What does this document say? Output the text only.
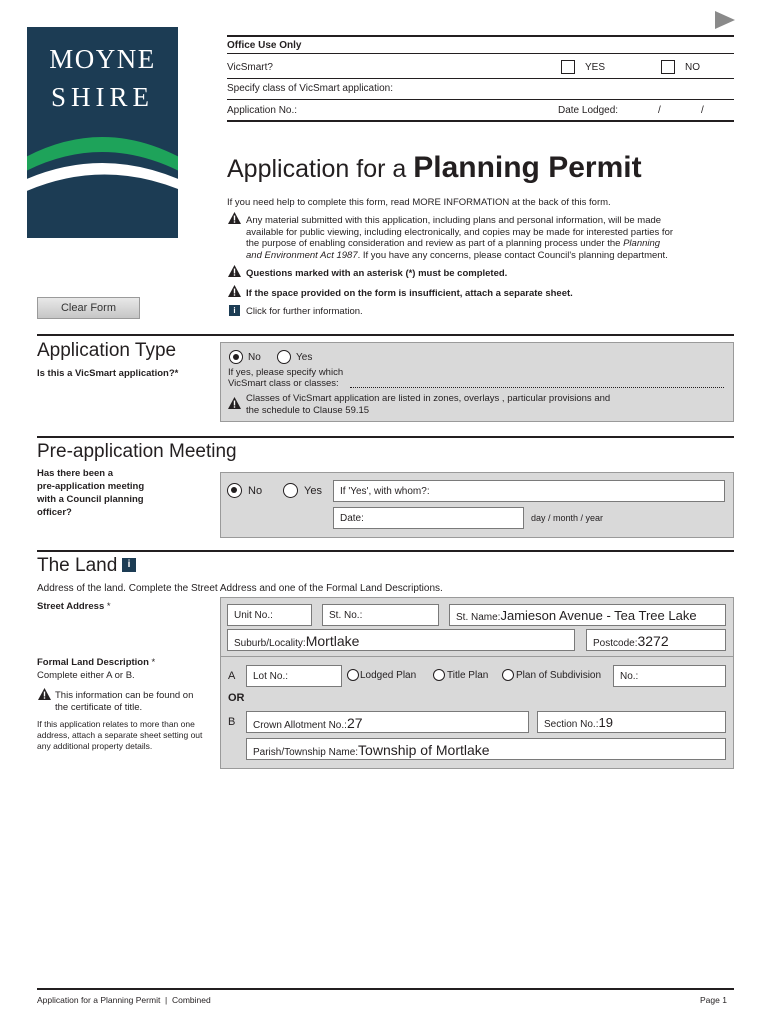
MOYNE
SHIRE
Office Use Only
VicSmart?	YES	NO
Specify class of VicSmart application:
Application No.:	Date Lodged:	/	/
Application for a Planning Permit
If you need help to complete this form, read MORE INFORMATION at the back of this form.
Any material submitted with this application, including plans and personal information, will be made
available for public viewing, including electronically, and copies may be made for interested parties for
the purpose of enabling consideration and review as part of a planning process under the Planning
and Environment Act 1987. If you have any concerns, please contact Council's planning department.
Questions marked with an asterisk (*) must be completed.
If the space provided on the form is insufficient, attach a separate sheet.
i	Click for further information.
Clear Form
Application Type
Is this a VicSmart application?*
No	Yes
If yes, please specify which
VicSmart class or classes:
Classes of VicSmart application are listed in zones, overlays , particular provisions and
the schedule to Clause 59.15
Pre-application Meeting
Has there been a
pre-application meeting
with a Council planning
officer?
No	Yes	If 'Yes', with whom?:
Date:	day / month / year
The Land	i
Address of the land. Complete the Street Address and one of the Formal Land Descriptions.
Street Address *
Unit No.:	St. No.:	St. Name:Jamieson Avenue - Tea Tree Lake
Suburb/Locality:Mortlake	Postcode:3272
Formal Land Description *
Complete either A or B.
This information can be found on
the certificate of title.
If this application relates to more than one
address, attach a separate sheet setting out
any additional property details.
A	Lot No.:	Lodged Plan	Title Plan	Plan of Subdivision	No.:
OR
B	Crown Allotment No.:27	Section No.:19
Parish/Township Name:Township of Mortlake
Application for a Planning Permit  |  Combined	Page 1
